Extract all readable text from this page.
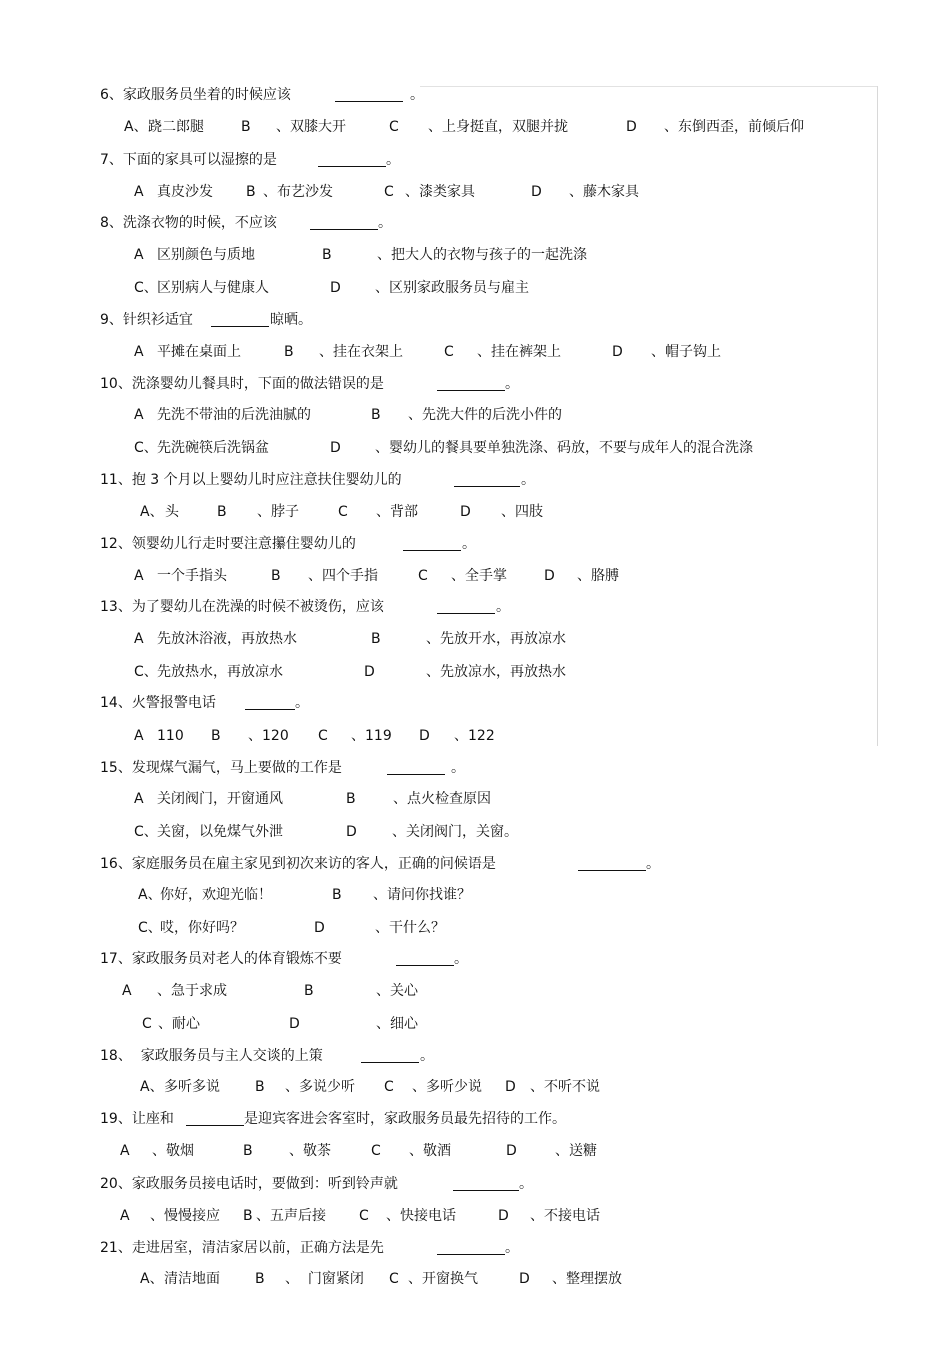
6、家政服务员坐着的时候应该	。
A、 跷二郎腿	B 、双膝大开	C 、上身挺直，双腿并拢	D 、东倒西歪，前倾后仰
7、下面的家具可以湿擦的是	。
A 真皮沙发 B 、布艺沙发	C 、漆类家具	D 、藤木家具
8、洗涤衣物的时候，不应该	。
A 区别颜色与质地	B	、把大人的衣物与孩子的一起洗涤
C、 区别病人与健康人	D 、区别家政服务员与雇主
9、针织衫适宜	晾晒。
A 平摊在桌面上	B 、挂在衣架上	C 、挂在裤架上	D 、帽子钩上
10、洗涤婴幼儿餐具时，下面的做法错误的是	。
A 先洗不带油的后洗油腻的	B 、先洗大件的后洗小件的
C、 先洗碗筷后洗锅盆	D 、婴幼儿的餐具要单独洗涤、码放，不要与成年人的混合洗涤
11、抱 3 个月以上婴幼儿时应注意扶住婴幼儿的	。
A、 头	B 、脖子	C 、背部	D 、四肢
12、领婴幼儿行走时要注意攥住婴幼儿的	。
A 一个手指头	B 、四个手指	C 、全手掌	D 、胳膊
13、为了婴幼儿在洗澡的时候不被烫伤，应该	。
A 先放沐浴液，再放热水	B	、先放开水，再放凉水
C、 先放热水，再放凉水	D	、先放凉水，再放热水
14、火警报警电话	。
A 110 B 、120 C 、119 D 、122
15、发现煤气漏气，马上要做的工作是	。
A 关闭阀门，开窗通风	B	、点火检查原因
C、 关窗，以免煤气外泄	D	、关闭阀门，关窗。
16、家庭服务员在雇主家见到初次来访的客人，正确的问候语是	。
A、
你好，欢迎光临！	B 、请问你找谁？
C、
哎，你好吗？	D	、干什么？
17、家政服务员对老人的体育锻炼不要	。
A 、急于求成	B	、关心
C 、耐心	D	、细心
18、  家政服务员与主人交谈的上策	。
A、 多听多说	B 、多说少听 C 、多听少说 D 、不听不说
19、让座和	是迎宾客进会客室时，家政服务员最先招待的工作。
A 、敬烟	B	、敬茶	C 、敬酒	D	、送糖
20、家政服务员接电话时，要做到：听到铃声就	。
A 、慢慢接应 B 、五声后接 C 、快接电话	D 、不接电话
21、走进居室，清洁家居以前，正确方法是先	。
A、 清洁地面	B 、  门窗紧闭 C 、开窗换气	D 、整理摆放
